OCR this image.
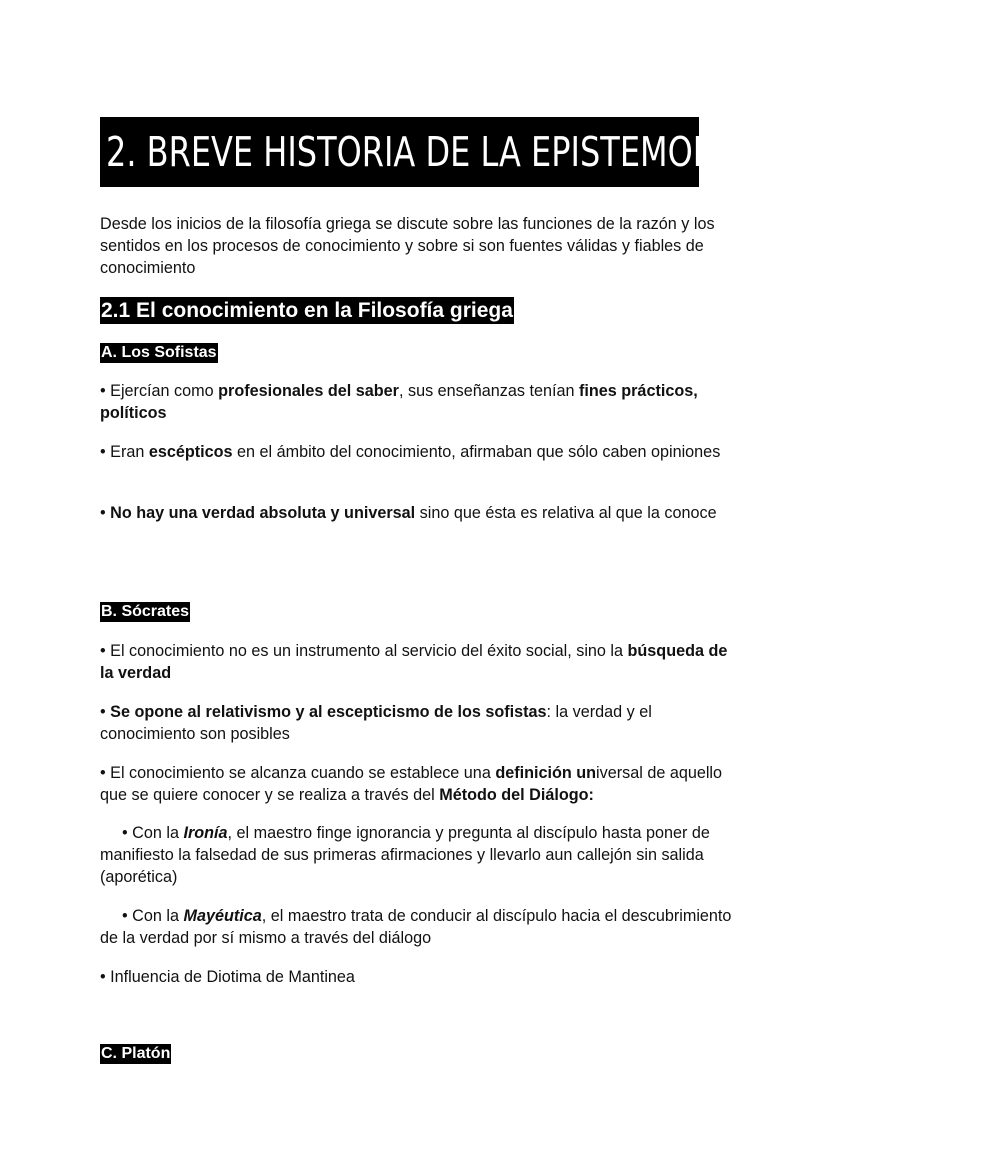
2. BREVE HISTORIA DE LA EPISTEMOLOGÍA
Desde los inicios de la filosofía griega se discute sobre las funciones de la razón y los sentidos en los procesos de conocimiento y sobre si son fuentes válidas y fiables de conocimiento
2.1 El conocimiento en la Filosofía griega
A. Los Sofistas
• Ejercían como profesionales del saber, sus enseñanzas tenían fines prácticos, políticos
• Eran escépticos en el ámbito del conocimiento, afirmaban que sólo caben opiniones
• No hay una verdad absoluta y universal sino que ésta es relativa al que la conoce
B. Sócrates
• El conocimiento no es un instrumento al servicio del éxito social, sino la búsqueda de la verdad
• Se opone al relativismo y al escepticismo de los sofistas: la verdad y el conocimiento son posibles
• El conocimiento se alcanza cuando se establece una definición universal de aquello que se quiere conocer y se realiza a través del Método del Diálogo:
• Con la Ironía, el maestro finge ignorancia y pregunta al discípulo hasta poner de manifiesto la falsedad de sus primeras afirmaciones y llevarlo aun callejón sin salida (aporética)
• Con la Mayéutica, el maestro trata de conducir al discípulo hacia el descubrimiento de la verdad por sí mismo a través del diálogo
• Influencia de Diotima de Mantinea
C. Platón
